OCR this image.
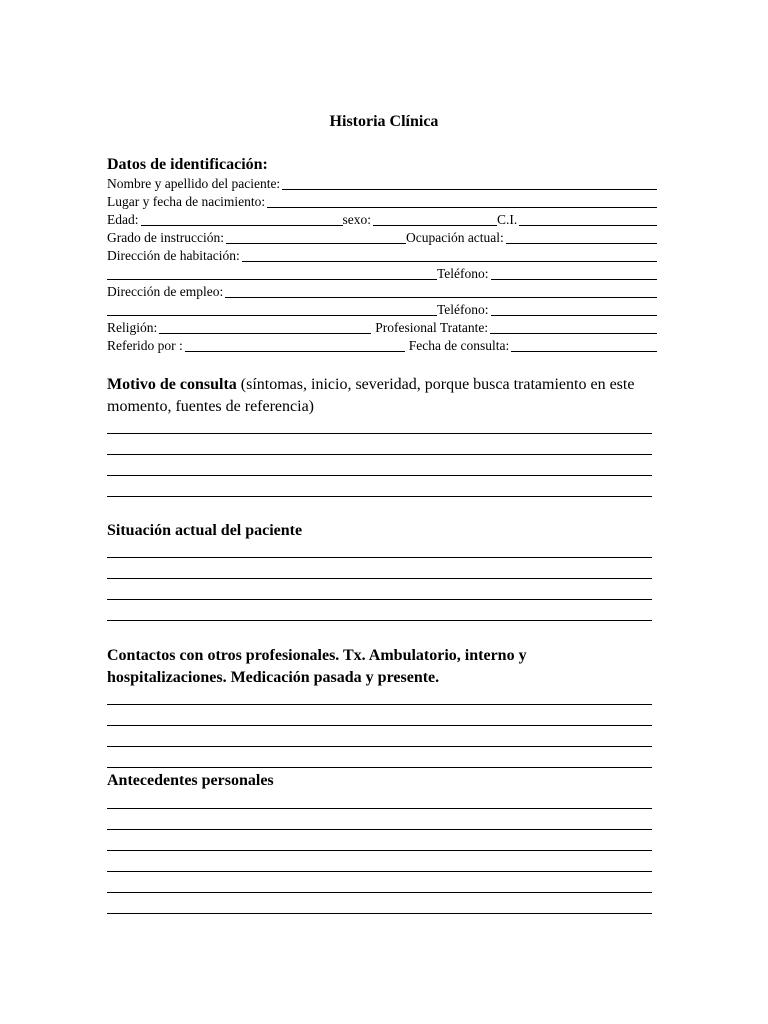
Historia Clínica
Datos de identificación:
Nombre y apellido del paciente:
Lugar y fecha de nacimiento:
Edad:	sexo:	C.I.
Grado de instrucción:	Ocupación actual:
Dirección de habitación:
Teléfono:
Dirección de empleo:
Teléfono:
Religión:	Profesional Tratante:
Referido por :	Fecha de consulta:
Motivo de consulta (síntomas, inicio, severidad, porque busca tratamiento en este momento, fuentes de referencia)
Situación actual del paciente
Contactos con otros profesionales. Tx. Ambulatorio, interno y hospitalizaciones. Medicación pasada y presente.
Antecedentes personales
